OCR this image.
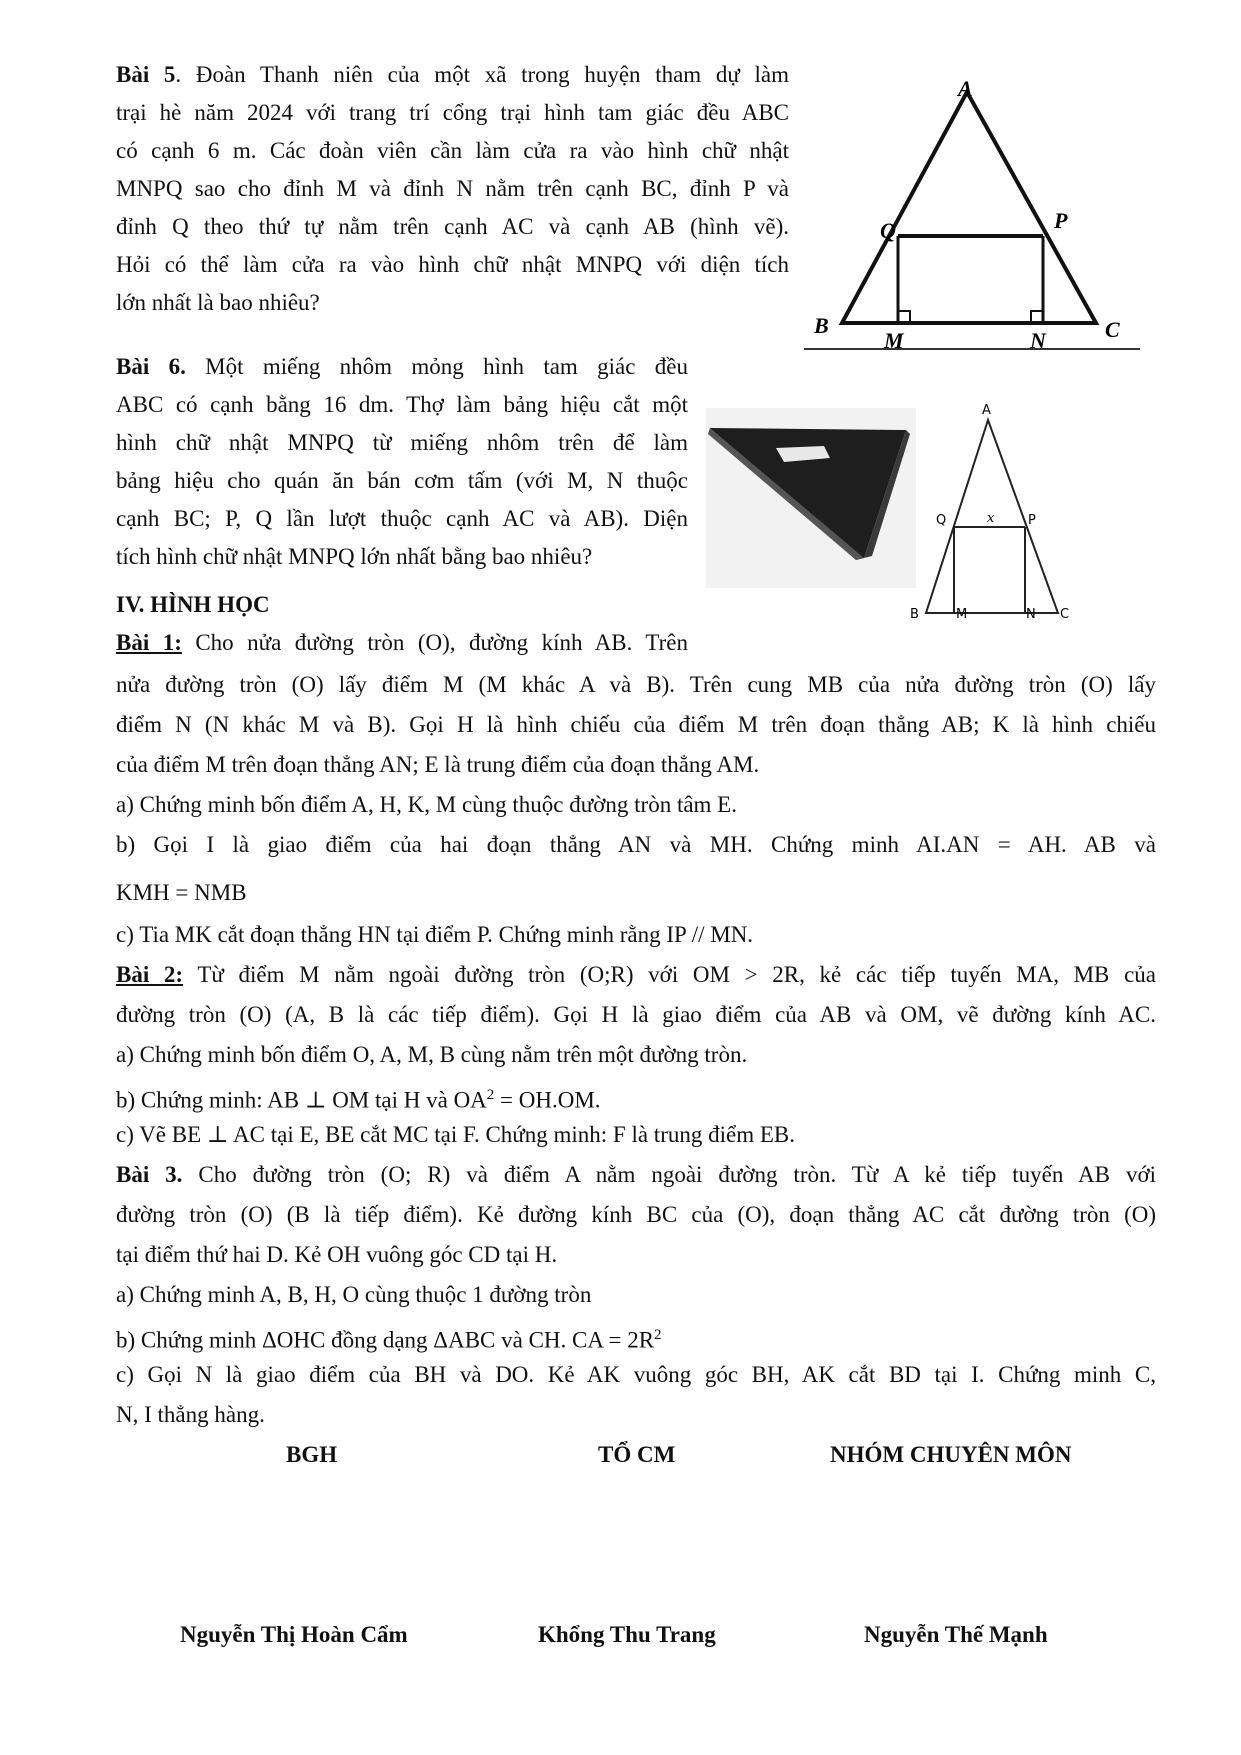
Bài 5. Đoàn Thanh niên của một xã trong huyện tham dự làm
trại hè năm 2024 với trang trí cổng trại hình tam giác đều ABC
có cạnh 6 m. Các đoàn viên cần làm cửa ra vào hình chữ nhật
MNPQ sao cho đỉnh M và đỉnh N nằm trên cạnh BC, đỉnh P và
đỉnh Q theo thứ tự nằm trên cạnh AC và cạnh AB (hình vẽ).
Hỏi có thể làm cửa ra vào hình chữ nhật MNPQ với diện tích
lớn nhất là bao nhiêu?
A
B	C
Q	P
M	N
Bài 6. Một miếng nhôm mỏng hình tam giác đều
ABC có cạnh bằng 16 dm. Thợ làm bảng hiệu cắt một
hình chữ nhật MNPQ từ miếng nhôm trên để làm
bảng hiệu cho quán ăn bán cơm tấm (với M, N thuộc
cạnh BC; P, Q lần lượt thuộc cạnh AC và AB). Diện
tích hình chữ nhật MNPQ lớn nhất bằng bao nhiêu?
A
Q	x	P
B	M	N C
IV. HÌNH HỌC
Bài 1: Cho nửa đường tròn (O), đường kính AB. Trên
nửa đường tròn (O) lấy điểm M (M khác A và B). Trên cung MB của nửa đường tròn (O) lấy
điểm N (N khác M và B). Gọi H là hình chiếu của điểm M trên đoạn thẳng AB; K là hình chiếu
của điểm M trên đoạn thẳng AN; E là trung điểm của đoạn thẳng AM.
a) Chứng minh bốn điểm A, H, K, M cùng thuộc đường tròn tâm E.
b) Gọi I là giao điểm của hai đoạn thẳng AN và MH. Chứng minh AI.AN = AH. AB và
KMH = NMB
c) Tia MK cắt đoạn thẳng HN tại điểm P. Chứng minh rằng IP // MN.
Bài 2: Từ điểm M nằm ngoài đường tròn (O;R) với OM > 2R, kẻ các tiếp tuyến MA, MB của
đường tròn (O) (A, B là các tiếp điểm). Gọi H là giao điểm của AB và OM, vẽ đường kính AC.
a) Chứng minh bốn điểm O, A, M, B cùng nằm trên một đường tròn.
b) Chứng minh: AB ⊥ OM tại H và $OA^2 = OH.OM$.
c) Vẽ BE ⊥ AC tại E, BE cắt MC tại F. Chứng minh: F là trung điểm EB.
Bài 3. Cho đường tròn (O; R) và điểm A nằm ngoài đường tròn. Từ A kẻ tiếp tuyến AB với
đường tròn (O) (B là tiếp điểm). Kẻ đường kính BC của (O), đoạn thẳng AC cắt đường tròn (O)
tại điểm thứ hai D. Kẻ OH vuông góc CD tại H.
a) Chứng minh A, B, H, O cùng thuộc 1 đường tròn
b) Chứng minh ΔOHC đồng dạng ΔABC và CH. CA = $2R^2$
c) Gọi N là giao điểm của BH và DO. Kẻ AK vuông góc BH, AK cắt BD tại I. Chứng minh C,
N, I thẳng hàng.
BGH	TỔ CM	NHÓM CHUYÊN MÔN
Nguyễn Thị Hoàn Cẩm	Khổng Thu Trang	Nguyễn Thế Mạnh
